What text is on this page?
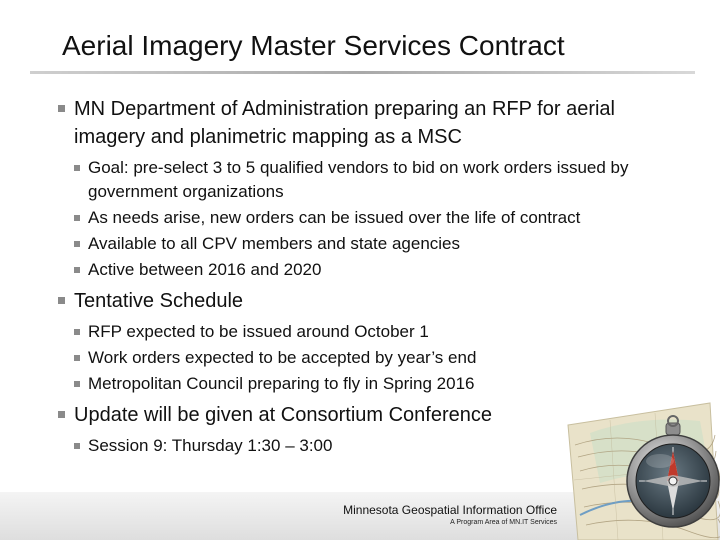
Aerial Imagery Master Services Contract
MN Department of Administration preparing an RFP for aerial imagery and planimetric mapping as a MSC
Goal: pre-select 3 to 5 qualified vendors to bid on work orders issued by government organizations
As needs arise, new orders can be issued over the life of contract
Available to all CPV members and state agencies
Active between 2016 and 2020
Tentative Schedule
RFP expected to be issued around October 1
Work orders expected to be accepted by year’s end
Metropolitan Council preparing to fly in Spring 2016
Update will be given at Consortium Conference
Session 9: Thursday 1:30 – 3:00
Minnesota Geospatial Information Office
A Program Area of MN.IT Services
